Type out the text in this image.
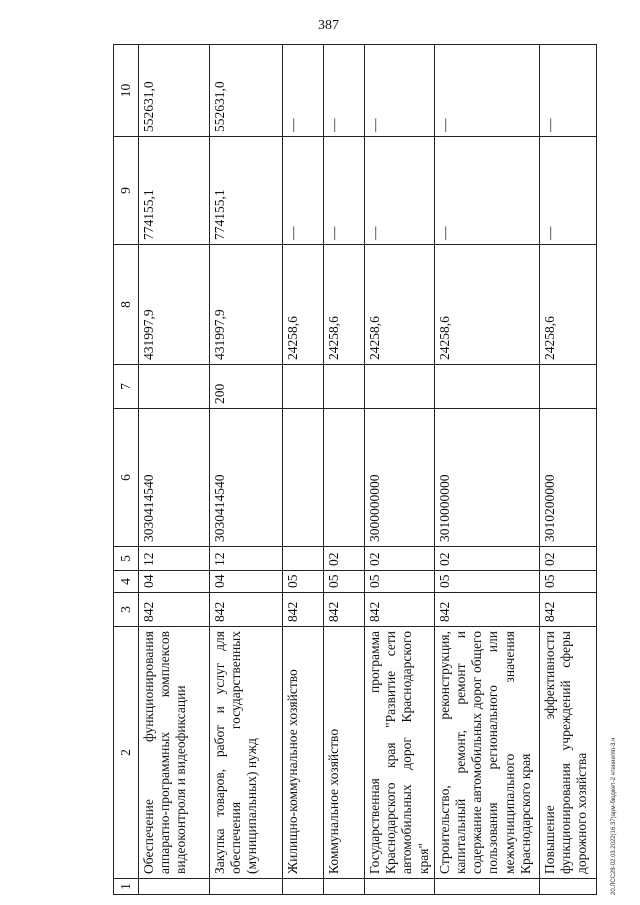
387
1	2	3	4	5	6	7	8	9	10
	Обеспечение функционирования аппаратно-программных комплексов видеоконтроля и видеофиксации	842	04	12	3030414540		431997,9	774155,1	552631,0
	Закупка товаров, работ и услуг для обеспечения государственных (муниципальных) нужд	842	04	12	3030414540	200	431997,9	774155,1	552631,0
	Жилищно-коммунальное хозяйство	842	05				24258,6	—	—
	Коммунальное хозяйство	842	05	02			24258,6	—	—
	Государственная программа Краснодарского края "Развитие сети автомобильных дорог Краснодарского края"	842	05	02	3000000000		24258,6	—	—
	Строительство, реконструкция, капитальный ремонт, ремонт и содержание автомобильных дорог общего пользования регионального или межмуниципального значения Краснодарского края	842	05	02	3010000000		24258,6	—	—
	Повышение эффективности функционирования учреждений сферы дорожного хозяйства	842	05	02	3010200000		24258,6	—	—
20.ЛСС28-02.03.2022(16.37)арм-бюджет-2 чтение/пп-3.ч
